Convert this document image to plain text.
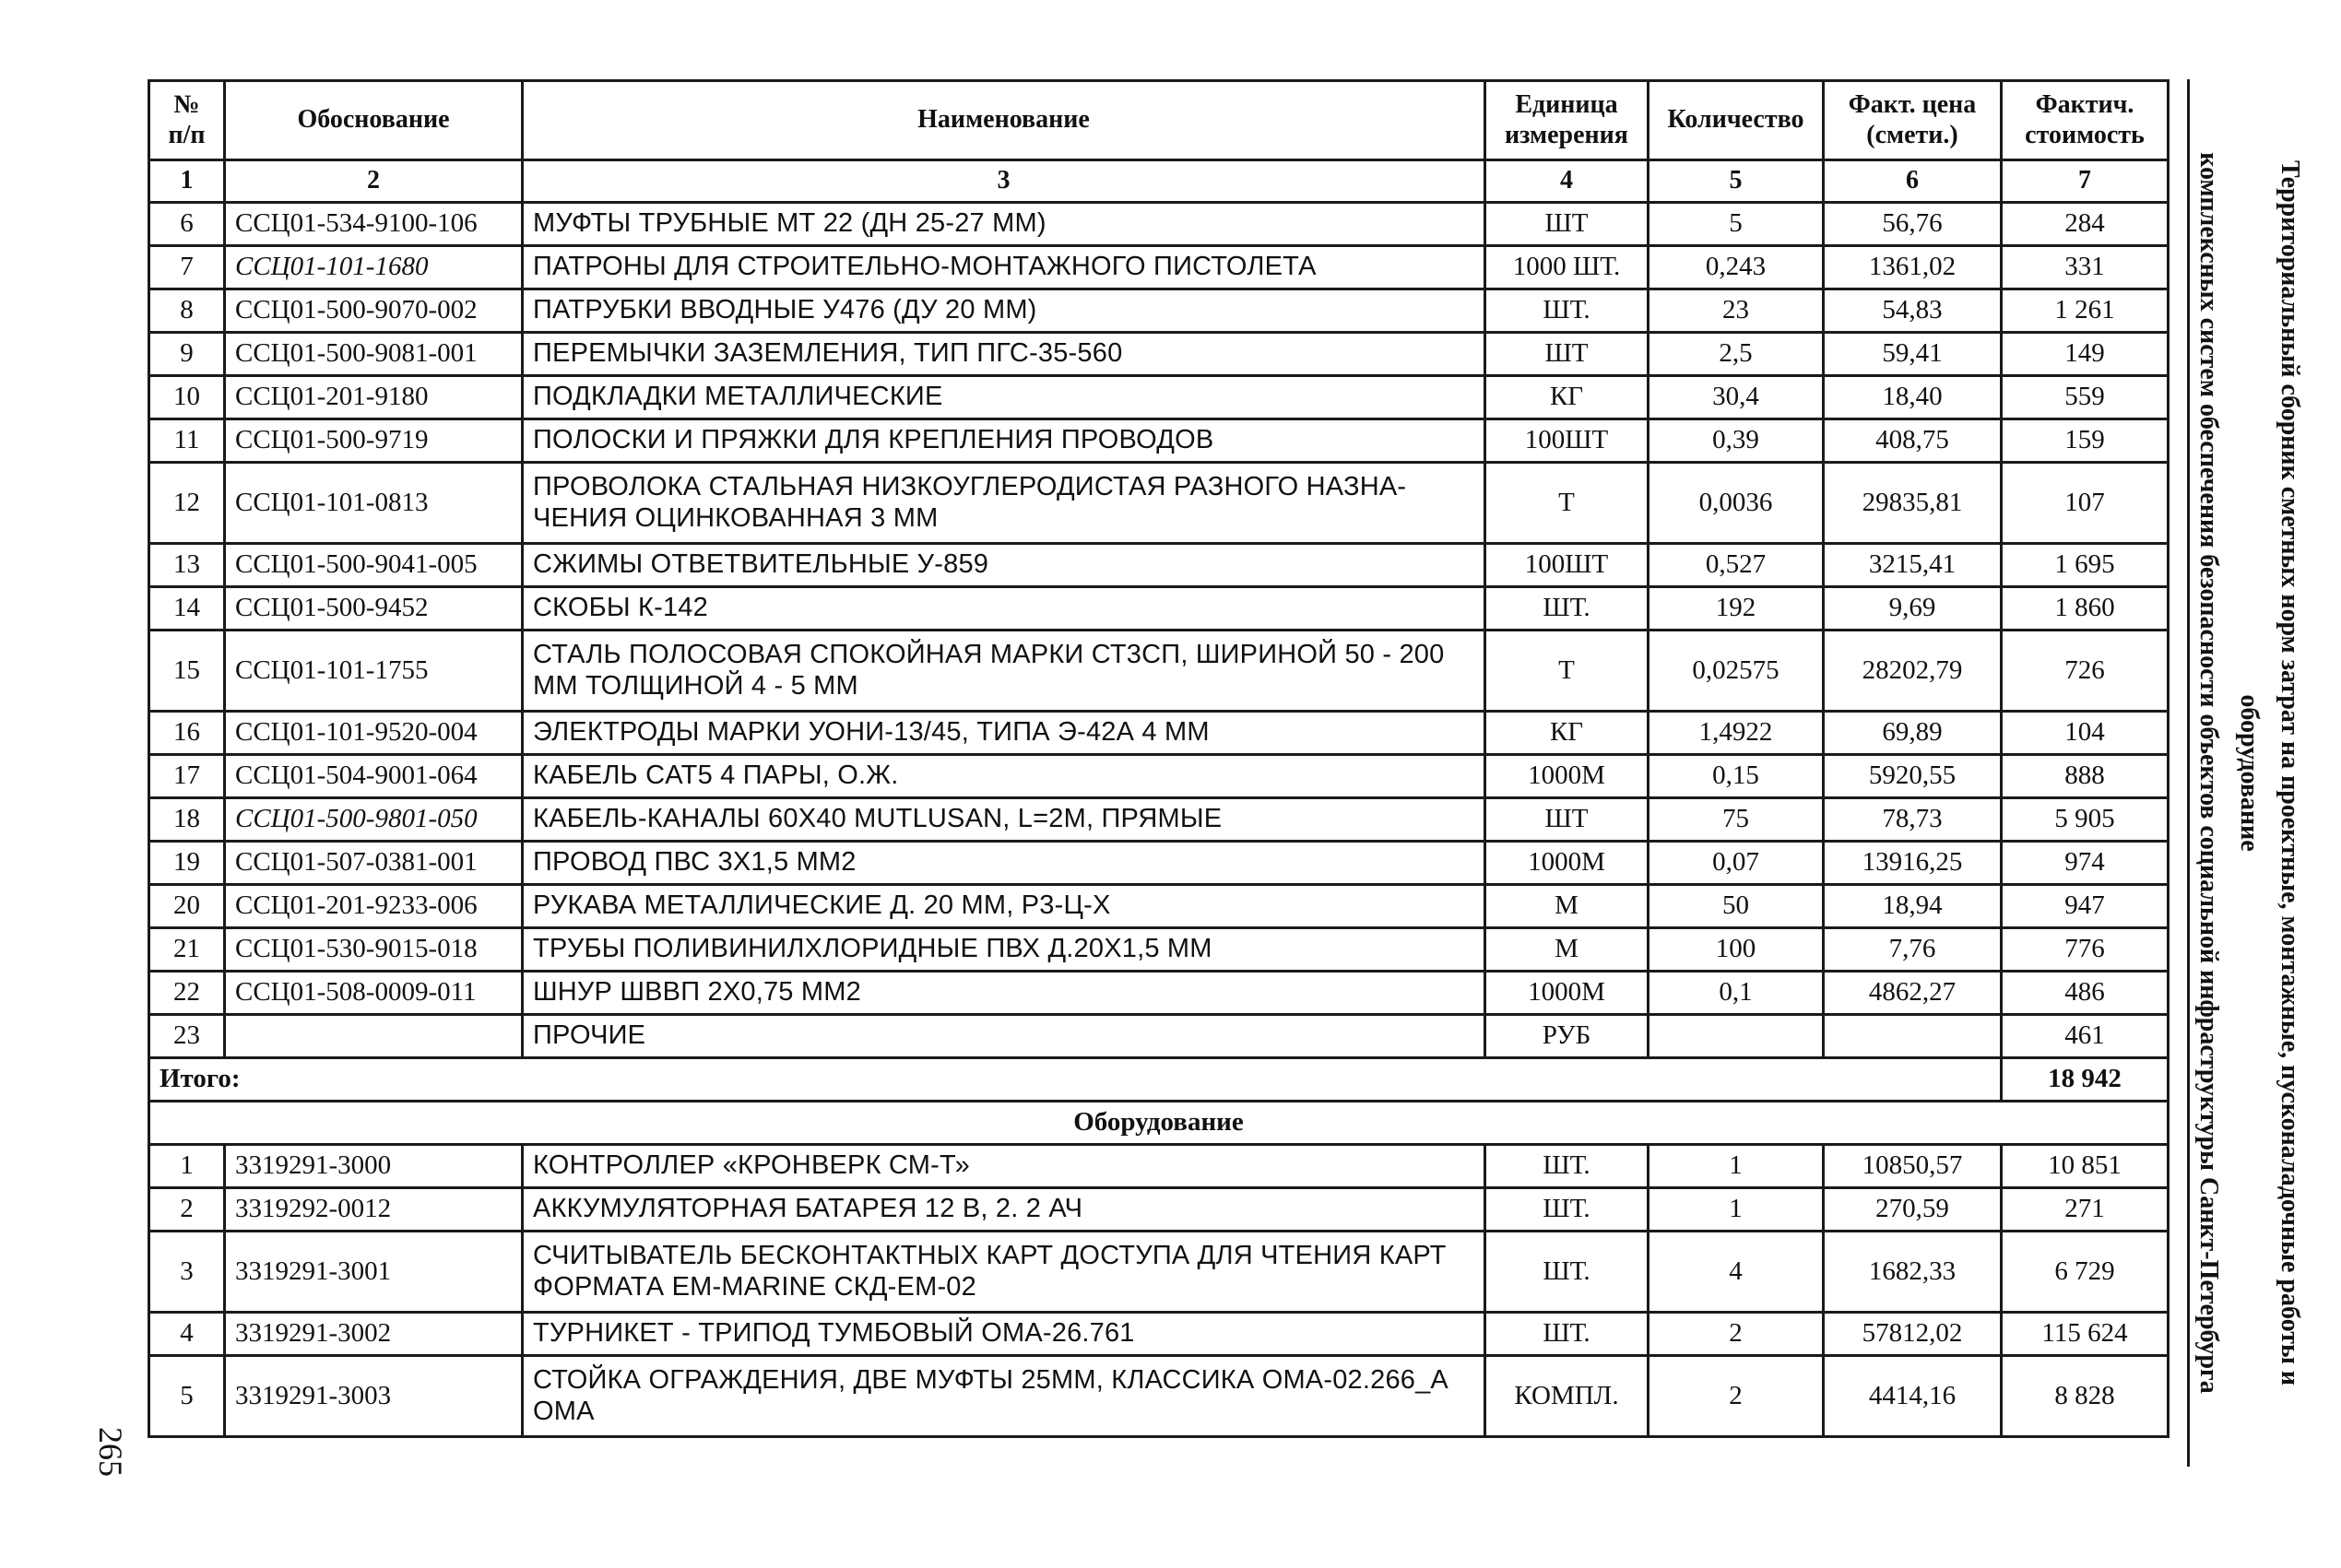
№ п/п	Обоснование	Наименование	Единица измерения	Количество	Факт. цена (смети.)	Фактич. стоимость
1	2	3	4	5	6	7
6	ССЦ01-534-9100-106	МУФТЫ ТРУБНЫЕ МТ 22 (ДН 25-27 ММ)	ШТ	5	56,76	284
7	ССЦ01-101-1680	ПАТРОНЫ ДЛЯ СТРОИТЕЛЬНО-МОНТАЖНОГО ПИСТОЛЕТА	1000 ШТ.	0,243	1361,02	331
8	ССЦ01-500-9070-002	ПАТРУБКИ ВВОДНЫЕ У476 (ДУ 20 ММ)	ШТ.	23	54,83	1 261
9	ССЦ01-500-9081-001	ПЕРЕМЫЧКИ ЗАЗЕМЛЕНИЯ, ТИП ПГС-35-560	ШТ	2,5	59,41	149
10	ССЦ01-201-9180	ПОДКЛАДКИ МЕТАЛЛИЧЕСКИЕ	КГ	30,4	18,40	559
11	ССЦ01-500-9719	ПОЛОСКИ И ПРЯЖКИ ДЛЯ КРЕПЛЕНИЯ ПРОВОДОВ	100ШТ	0,39	408,75	159
12	ССЦ01-101-0813	ПРОВОЛОКА СТАЛЬНАЯ НИЗКОУГЛЕРОДИСТАЯ РАЗНОГО НАЗНА-ЧЕНИЯ ОЦИНКОВАННАЯ 3 ММ	Т	0,0036	29835,81	107
13	ССЦ01-500-9041-005	СЖИМЫ ОТВЕТВИТЕЛЬНЫЕ У-859	100ШТ	0,527	3215,41	1 695
14	ССЦ01-500-9452	СКОБЫ К-142	ШТ.	192	9,69	1 860
15	ССЦ01-101-1755	СТАЛЬ ПОЛОСОВАЯ СПОКОЙНАЯ МАРКИ СТ3СП, ШИРИНОЙ 50 - 200 ММ ТОЛЩИНОЙ 4 - 5 ММ	Т	0,02575	28202,79	726
16	ССЦ01-101-9520-004	ЭЛЕКТРОДЫ МАРКИ УОНИ-13/45, ТИПА Э-42А 4 ММ	КГ	1,4922	69,89	104
17	ССЦ01-504-9001-064	КАБЕЛЬ CAT5 4 ПАРЫ, О.Ж.	1000М	0,15	5920,55	888
18	ССЦ01-500-9801-050	КАБЕЛЬ-КАНАЛЫ 60Х40 MUTLUSAN, L=2М, ПРЯМЫЕ	ШТ	75	78,73	5 905
19	ССЦ01-507-0381-001	ПРОВОД ПВС 3Х1,5 ММ2	1000М	0,07	13916,25	974
20	ССЦ01-201-9233-006	РУКАВА МЕТАЛЛИЧЕСКИЕ Д. 20 ММ, Р3-Ц-Х	М	50	18,94	947
21	ССЦ01-530-9015-018	ТРУБЫ ПОЛИВИНИЛХЛОРИДНЫЕ ПВХ Д.20Х1,5 ММ	М	100	7,76	776
22	ССЦ01-508-0009-011	ШНУР ШВВП 2Х0,75 ММ2	1000М	0,1	4862,27	486
23		ПРОЧИЕ	РУБ			461
Итого:						18 942
Оборудование						
1	3319291-3000	КОНТРОЛЛЕР «КРОНВЕРК СМ-Т»	ШТ.	1	10850,57	10 851
2	3319292-0012	АККУМУЛЯТОРНАЯ БАТАРЕЯ 12 В, 2. 2 АЧ	ШТ.	1	270,59	271
3	3319291-3001	СЧИТЫВАТЕЛЬ БЕСКОНТАКТНЫХ КАРТ ДОСТУПА ДЛЯ ЧТЕНИЯ КАРТ ФОРМАТА EM-MARINE СКД-ЕМ-02	ШТ.	4	1682,33	6 729
4	3319291-3002	ТУРНИКЕТ - ТРИПОД ТУМБОВЫЙ ОМА-26.761	ШТ.	2	57812,02	115 624
5	3319291-3003	СТОЙКА ОГРАЖДЕНИЯ, ДВЕ МУФТЫ 25ММ, КЛАССИКА ОМА-02.266_А ОМА	КОМПЛ.	2	4414,16	8 828
Территориальный сборник сметных норм затрат на проектные, монтажные, пусконаладочные работы и оборудование
комплексных систем обеспечения безопасности объектов социальной инфраструктуры Санкт-Петербурга
265
